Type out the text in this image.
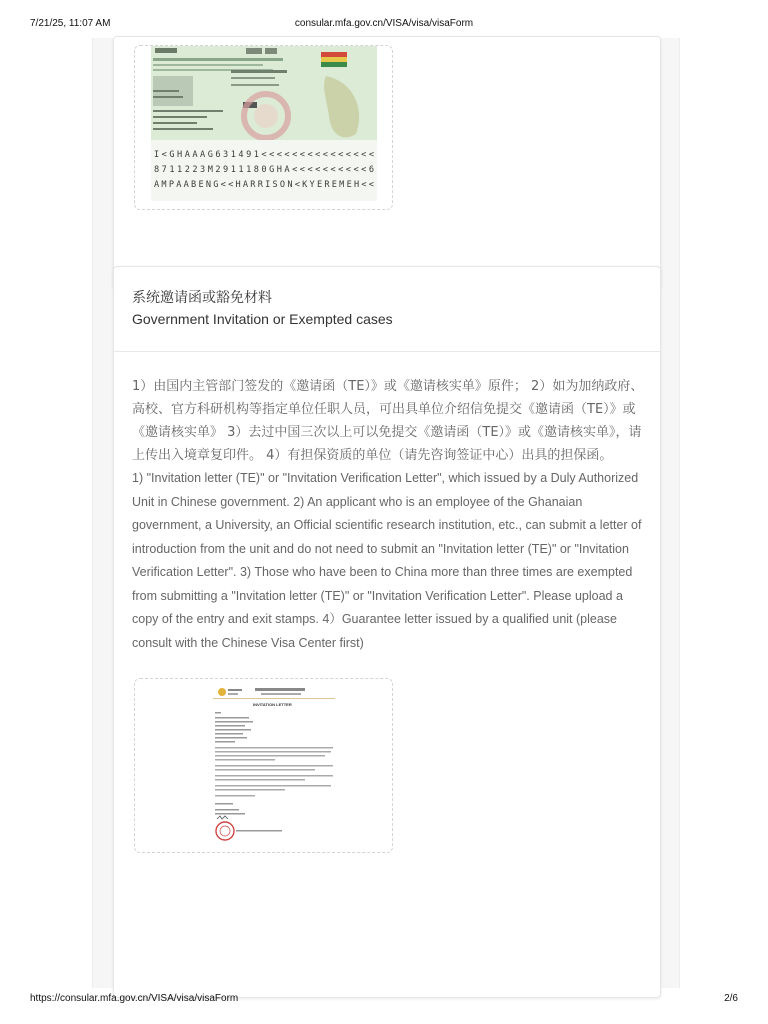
7/21/25, 11:07 AM	consular.mfa.gov.cn/VISA/visa/visaForm
I<GHAAAG631491<<<<<<<<<<<<<<<
8711223M2911180GHA<<<<<<<<<<6
AMPAABENG<<HARRISON<KYEREMEH<<
系统邀请函或豁免材料
Government Invitation or Exempted cases

1）由国内主管部门签发的《邀请函（TE）》或《邀请核实单》原件； 2）如为加纳政府、高校、官方科研机构等指定单位任职人员，可出具单位介绍信免提交《邀请函（TE）》或《邀请核实单》 3）去过中国三次以上可以免提交《邀请函（TE）》或《邀请核实单》，请上传出入境章复印件。 4）有担保资质的单位（请先咨询签证中心）出具的担保函。

1) "Invitation letter (TE)" or "Invitation Verification Letter", which issued by a Duly Authorized Unit in Chinese government. 2) An applicant who is an employee of the Ghanaian government, a University, an Official scientific research institution, etc., can submit a letter of introduction from the unit and do not need to submit an "Invitation letter (TE)" or "Invitation Verification Letter". 3) Those who have been to China more than three times are exempted from submitting a "Invitation letter (TE)" or "Invitation Verification Letter". Please upload a copy of the entry and exit stamps. 4）Guarantee letter issued by a qualified unit (please consult with the Chinese Visa Center first)

INVITATION LETTER
https://consular.mfa.gov.cn/VISA/visa/visaForm	2/6
